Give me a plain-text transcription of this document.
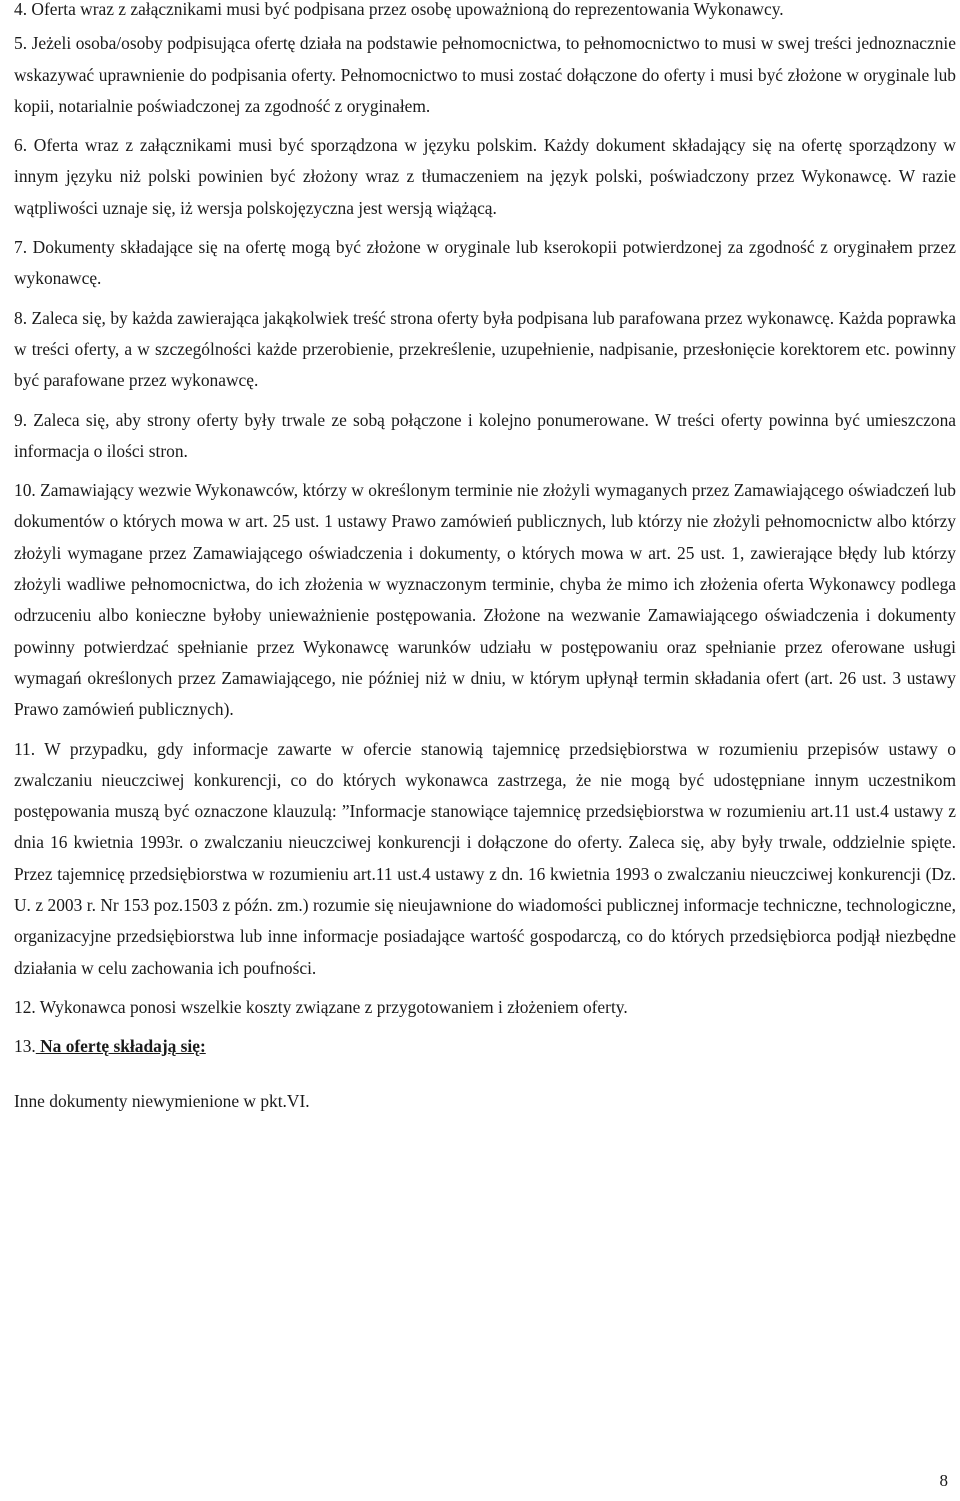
4. Oferta wraz z załącznikami musi być podpisana przez osobę upoważnioną do reprezentowania Wykonawcy.

5. Jeżeli osoba/osoby podpisująca ofertę działa na podstawie pełnomocnictwa, to pełnomocnictwo to musi w swej treści jednoznacznie wskazywać uprawnienie do podpisania oferty. Pełnomocnictwo to musi zostać dołączone do oferty i musi być złożone w oryginale lub kopii, notarialnie poświadczonej za zgodność z oryginałem.

6. Oferta wraz z załącznikami musi być sporządzona w języku polskim. Każdy dokument składający się na ofertę sporządzony w innym języku niż polski powinien być złożony wraz z tłumaczeniem na język polski, poświadczony przez Wykonawcę. W razie wątpliwości uznaje się, iż wersja polskojęzyczna jest wersją wiążącą.

7. Dokumenty składające się na ofertę mogą być złożone w oryginale lub kserokopii potwierdzonej za zgodność z oryginałem przez wykonawcę.

8. Zaleca się, by każda zawierająca jakąkolwiek treść strona oferty była podpisana lub parafowana przez wykonawcę. Każda poprawka w treści oferty, a w szczególności każde przerobienie, przekreślenie, uzupełnienie, nadpisanie, przesłonięcie korektorem etc. powinny być parafowane przez wykonawcę.

9. Zaleca się, aby strony oferty były trwale ze sobą połączone i kolejno ponumerowane. W treści oferty powinna być umieszczona informacja o ilości stron.

10. Zamawiający wezwie Wykonawców, którzy w określonym terminie nie złożyli wymaganych przez Zamawiającego oświadczeń lub dokumentów o których mowa w art. 25 ust. 1 ustawy Prawo zamówień publicznych, lub którzy nie złożyli pełnomocnictw albo którzy złożyli wymagane przez Zamawiającego oświadczenia i dokumenty, o których mowa w art. 25 ust. 1, zawierające błędy lub którzy złożyli wadliwe pełnomocnictwa, do ich złożenia w wyznaczonym terminie, chyba że mimo ich złożenia oferta Wykonawcy podlega odrzuceniu albo konieczne byłoby unieważnienie postępowania. Złożone na wezwanie Zamawiającego oświadczenia i dokumenty powinny potwierdzać spełnianie przez Wykonawcę warunków udziału w postępowaniu oraz spełnianie przez oferowane usługi wymagań określonych przez Zamawiającego, nie później niż w dniu, w którym upłynął termin składania ofert (art. 26 ust. 3 ustawy Prawo zamówień publicznych).

11. W przypadku, gdy informacje zawarte w ofercie stanowią tajemnicę przedsiębiorstwa w rozumieniu przepisów ustawy o zwalczaniu nieuczciwej konkurencji, co do których wykonawca zastrzega, że nie mogą być udostępniane innym uczestnikom postępowania muszą być oznaczone klauzulą: ”Informacje stanowiące tajemnicę przedsiębiorstwa w rozumieniu art.11 ust.4 ustawy z dnia 16 kwietnia 1993r. o zwalczaniu nieuczciwej konkurencji i dołączone do oferty. Zaleca się, aby były trwale, oddzielnie spięte. Przez tajemnicę przedsiębiorstwa w rozumieniu art.11 ust.4 ustawy z dn. 16 kwietnia 1993 o zwalczaniu nieuczciwej konkurencji (Dz. U. z 2003 r. Nr 153 poz.1503 z późn. zm.) rozumie się nieujawnione do wiadomości publicznej informacje techniczne, technologiczne, organizacyjne przedsiębiorstwa lub inne informacje posiadające wartość gospodarczą, co do których przedsiębiorca podjął niezbędne działania w celu zachowania ich poufności.

12. Wykonawca ponosi wszelkie koszty związane z przygotowaniem i złożeniem oferty.

13. Na ofertę składają się:

Inne dokumenty niewymienione w pkt.VI.

8
